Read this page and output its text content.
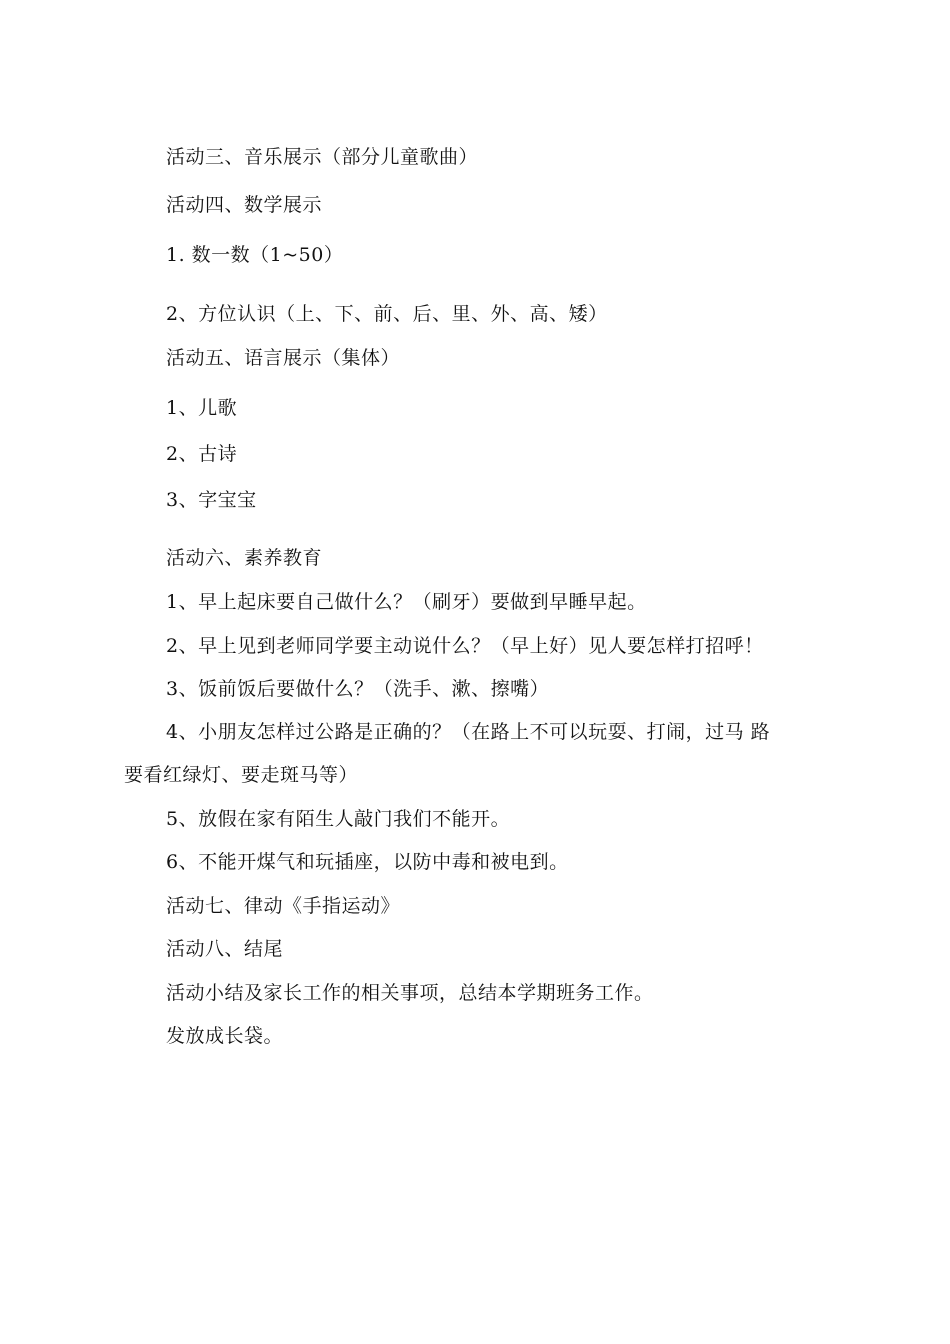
活动三、音乐展示（部分儿童歌曲）
活动四、数学展示
1. 数一数（1~50）
2、方位认识（上、下、前、后、里、外、高、矮）
活动五、语言展示（集体）
1、儿歌
2、古诗
3、字宝宝
活动六、素养教育
1、早上起床要自己做什么？（刷牙）要做到早睡早起。
2、早上见到老师同学要主动说什么？（早上好）见人要怎样打招呼！
3、饭前饭后要做什么？（洗手、漱、擦嘴）
4、小朋友怎样过公路是正确的？（在路上不可以玩耍、打闹，过马 路
要看红绿灯、要走斑马等）
5、放假在家有陌生人敲门我们不能开。
6、不能开煤气和玩插座，以防中毒和被电到。
活动七、律动《手指运动》
活动八、结尾
活动小结及家长工作的相关事项，总结本学期班务工作。
发放成长袋。
